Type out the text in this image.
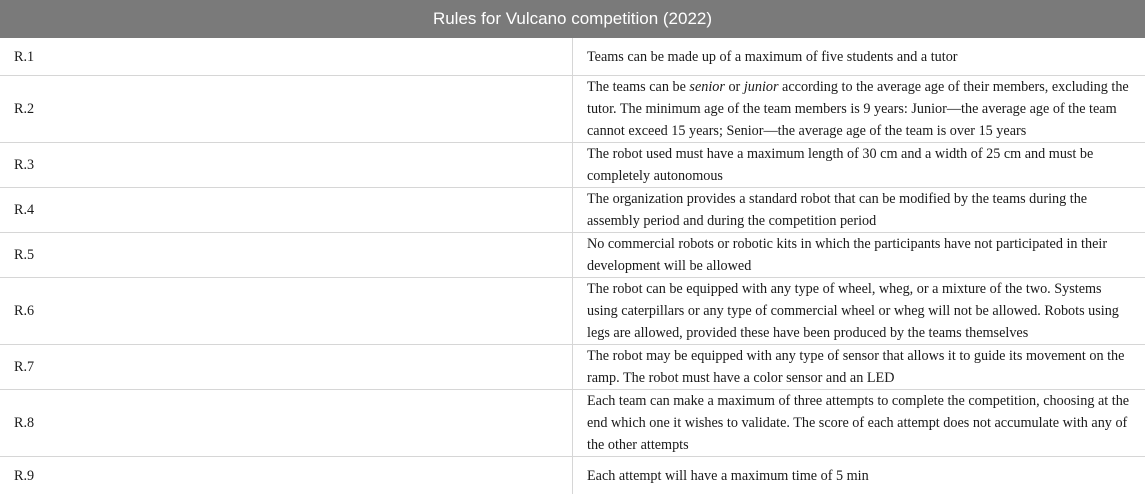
Rules for Vulcano competition (2022)	
R.1	Teams can be made up of a maximum of five students and a tutor
R.2	The teams can be senior or junior according to the average age of their members, excluding the tutor. The minimum age of the team members is 9 years: Junior—the average age of the team cannot exceed 15 years; Senior—the average age of the team is over 15 years
R.3	The robot used must have a maximum length of 30 cm and a width of 25 cm and must be completely autonomous
R.4	The organization provides a standard robot that can be modified by the teams during the assembly period and during the competition period
R.5	No commercial robots or robotic kits in which the participants have not participated in their development will be allowed
R.6	The robot can be equipped with any type of wheel, wheg, or a mixture of the two. Systems using caterpillars or any type of commercial wheel or wheg will not be allowed. Robots using legs are allowed, provided these have been produced by the teams themselves
R.7	The robot may be equipped with any type of sensor that allows it to guide its movement on the ramp. The robot must have a color sensor and an LED
R.8	Each team can make a maximum of three attempts to complete the competition, choosing at the end which one it wishes to validate. The score of each attempt does not accumulate with any of the other attempts
R.9	Each attempt will have a maximum time of 5 min
